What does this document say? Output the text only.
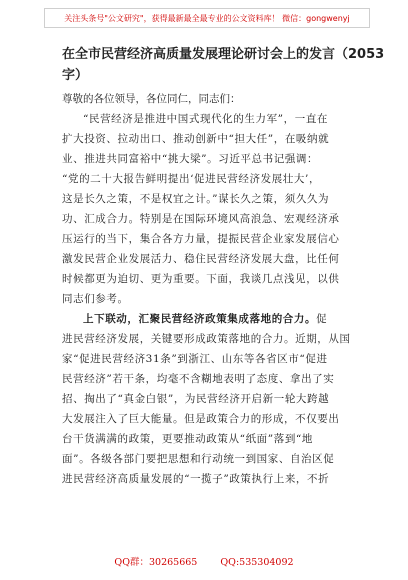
关注头条号"公文研究"，获得最新最全最专业的公文资料库！ 微信：gongwenyj
在全市民营经济高质量发展理论研讨会上的发言（2053
字）
尊敬的各位领导，各位同仁，同志们：
“民营经济是推进中国式现代化的生力军”，一直在
扩大投资、拉动出口、推动创新中“担大任”，在吸纳就
业、推进共同富裕中“挑大梁”。习近平总书记强调：
“党的二十大报告鲜明提出‘促进民营经济发展壮大’，
这是长久之策，不是权宜之计。”谋长久之策，须久久为
功、汇成合力。特别是在国际环境风高浪急、宏观经济承
压运行的当下，集合各方力量，提振民营企业家发展信心
激发民营企业发展活力、稳住民营经济发展大盘，比任何
时候都更为迫切、更为重要。下面，我谈几点浅见，以供
同志们参考。
上下联动，汇聚民营经济政策集成落地的合力。促
进民营经济发展，关键要形成政策落地的合力。近期，从国
家“促进民营经济31条”到浙江、山东等各省区市“促进
民营经济”若干条，均毫不含糊地表明了态度、拿出了实
招、掏出了“真金白银”，为民营经济开启新一轮大跨越
大发展注入了巨大能量。但是政策合力的形成，不仅要出
台干货满满的政策，更要推动政策从“纸面”落到“地
面”。各级各部门要把思想和行动统一到国家、自治区促
进民营经济高质量发展的“一揽子”政策执行上来，不折
QQ群：30265665 QQ:535304092
